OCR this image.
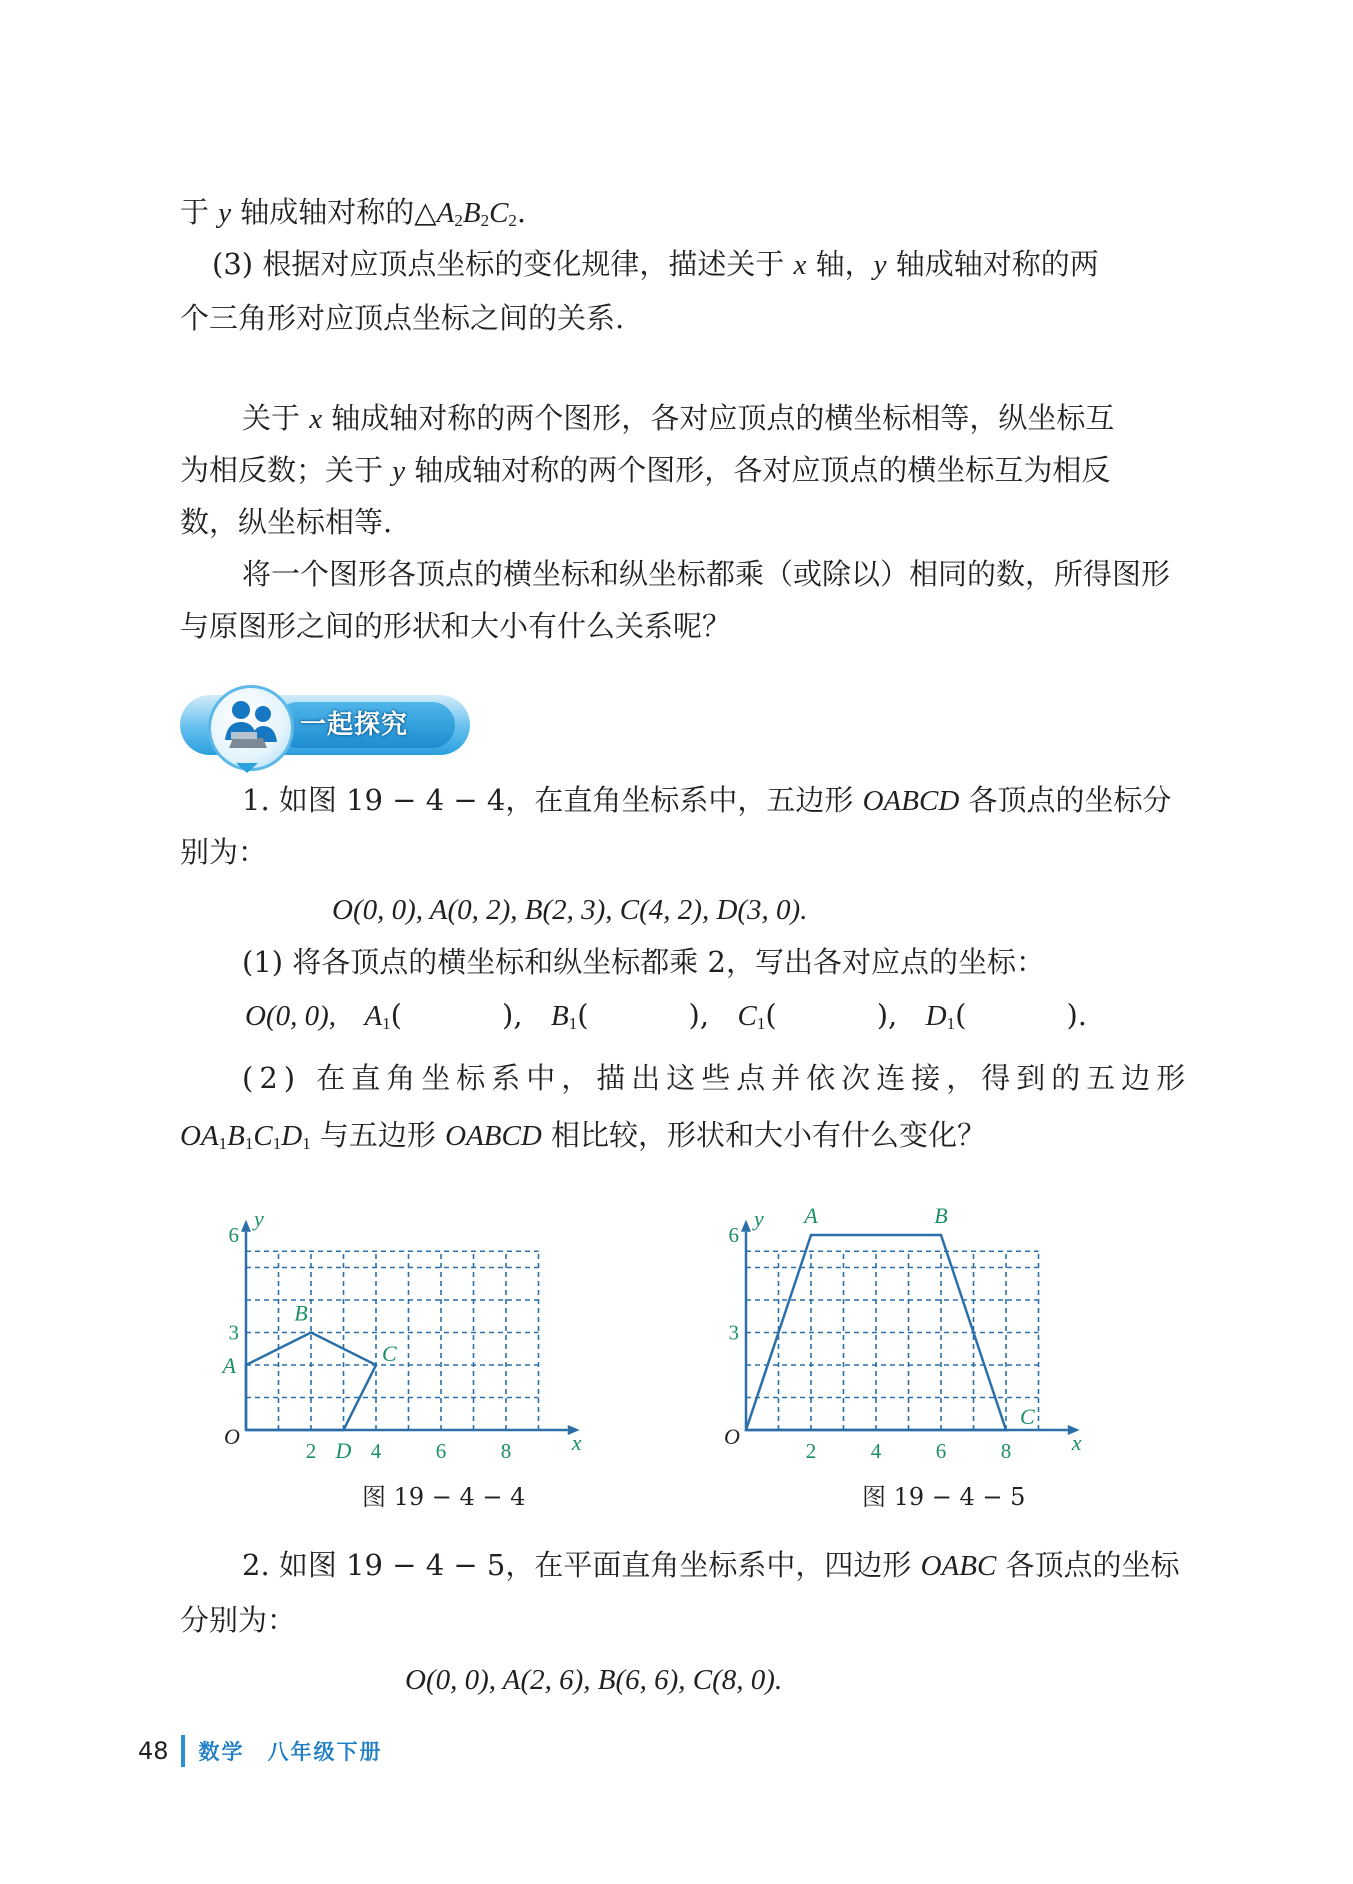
于 y 轴成轴对称的$\triangle A_2B_2C_2$.
(3) 根据对应顶点坐标的变化规律，描述关于 x 轴，y 轴成轴对称的两
个三角形对应顶点坐标之间的关系.
关于 x 轴成轴对称的两个图形，各对应顶点的横坐标相等，纵坐标互
为相反数；关于 y 轴成轴对称的两个图形，各对应顶点的横坐标互为相反
数，纵坐标相等.
将一个图形各顶点的横坐标和纵坐标都乘（或除以）相同的数，所得图形
与原图形之间的形状和大小有什么关系呢？
一起探究
1. 如图 19 − 4 − 4，在直角坐标系中，五边形 OABCD 各顶点的坐标分
别为：
O(0, 0), A(0, 2), B(2, 3), C(4, 2), D(3, 0).
(1) 将各顶点的横坐标和纵坐标都乘 2，写出各对应点的坐标：
O(0, 0), $A_1$(	), $B_1$(	), $C_1$(	), $D_1$(	).
(2) 在直角坐标系中，描出这些点并依次连接，得到的五边形
$OA_1B_1C_1D_1$ 与五边形 OABCD 相比较，形状和大小有什么变化？
x
y
O
2	4	6	8
3
6
A
B
C
D	x
y
O
2	4	6	8
3
6
A	B
C
图 19 − 4 − 4	图 19 − 4 − 5
2. 如图 19 − 4 − 5，在平面直角坐标系中，四边形 OABC 各顶点的坐标
分别为：
O(0, 0), A(2, 6), B(6, 6), C(8, 0).
48 数学　八年级下册
